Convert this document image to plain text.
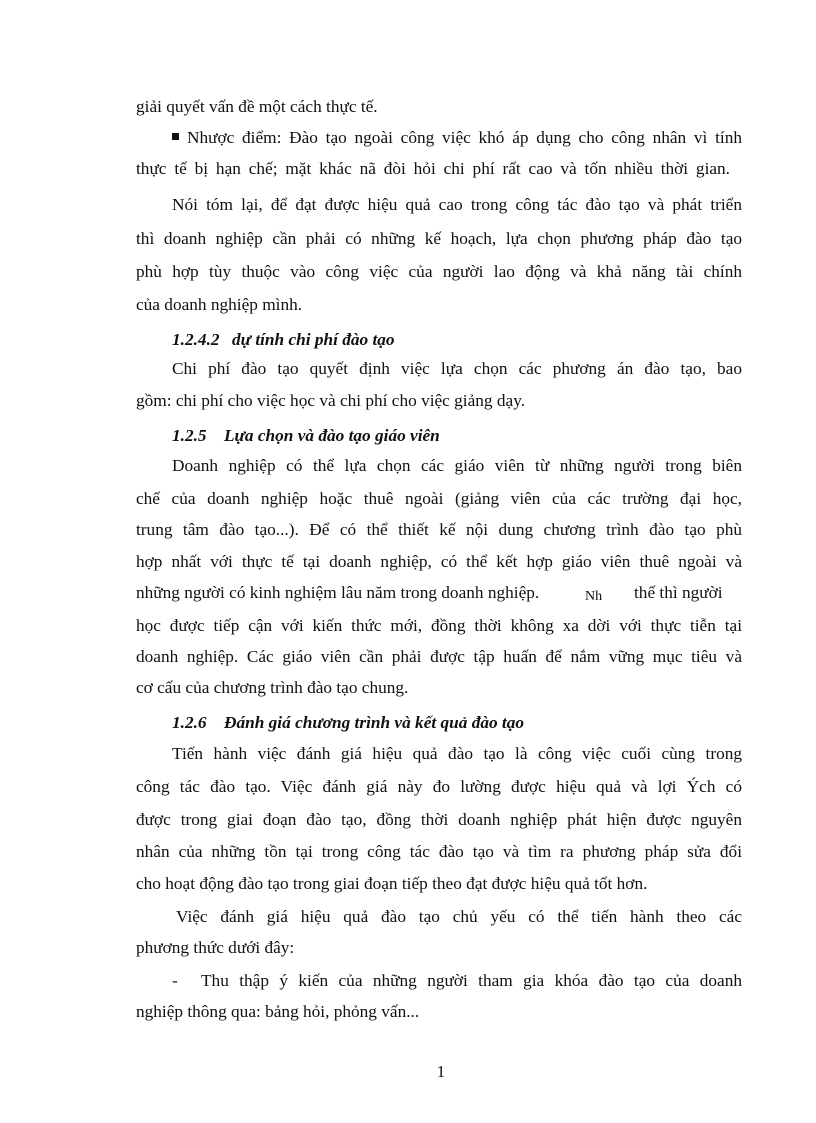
giải quyết vấn đề một cách thực tế.
Nhược điểm: Đào tạo ngoài công việc khó áp dụng cho công nhân vì tính
thực tế bị hạn chế; mặt khác nã đòi hỏi chi phí rất cao và tốn nhiều thời gian.
Nói tóm lại, để đạt được hiệu quả cao trong công tác đào tạo và phát triển
thì doanh nghiệp cần phải có những kế hoạch, lựa chọn phương pháp đào tạo
phù hợp tùy thuộc vào công việc của người lao động và khả năng tài chính
của doanh nghiệp mình.
1.2.4.2 dự tính chi phí đào tạo
Chi phí đào tạo quyết định việc lựa chọn các phương án đào tạo, bao
gồm: chi phí cho việc học và chi phí cho việc giảng dạy.
1.2.5 Lựa chọn và đào tạo giáo viên
Doanh nghiệp có thể lựa chọn các giáo viên từ những người trong biên
chế của doanh nghiệp hoặc thuê ngoài (giảng viên của các trường đại học,
trung tâm đào tạo...). Để có thể thiết kế nội dung chương trình đào tạo phù
hợp nhất với thực tế tại doanh nghiệp, có thể kết hợp giáo viên thuê ngoài và
những người có kinh nghiệm lâu năm trong doanh nghiệp.	Nh thế thì người
học được tiếp cận với kiến thức mới, đồng thời không xa dời với thực tiễn tại
doanh nghiệp. Các giáo viên cần phải được tập huấn để nắm vững mục tiêu và
cơ cấu của chương trình đào tạo chung.
1.2.6 Đánh giá chương trình và kết quả đào tạo
Tiến hành việc đánh giá hiệu quả đào tạo là công việc cuối cùng trong
công tác đào tạo. Việc đánh giá này đo lường được hiệu quả và lợi Ých có
được trong giai đoạn đào tạo, đồng thời doanh nghiệp phát hiện được nguyên
nhân của những tồn tại trong công tác đào tạo và tìm ra phương pháp sửa đổi
cho hoạt động đào tạo trong giai đoạn tiếp theo đạt được hiệu quả tốt hơn.
Việc đánh giá hiệu quả đào tạo chủ yếu có thể tiến hành theo các
phương thức dưới đây:
- Thu thập ý kiến của những người tham gia khóa đào tạo của doanh
nghiệp thông qua: bảng hỏi, phỏng vấn...
1
